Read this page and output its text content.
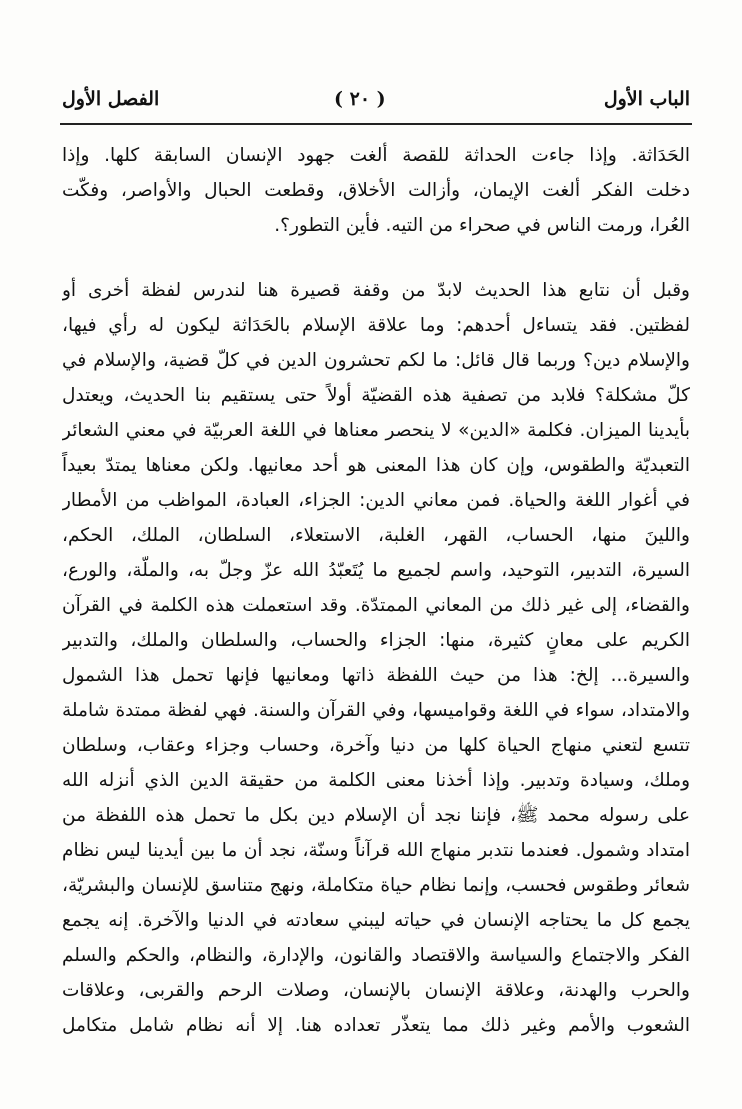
الباب الأول
( ٢٠ )
الفصل الأول
الحَدَاثة. وإذا جاءت الحداثة للقصة ألغت جهود الإنسان السابقة كلها. وإذا
دخلت الفكر ألغت الإيمان، وأزالت الأخلاق، وقطعت الحبال والأواصر، وفكّت
العُرا، ورمت الناس في صحراء من التيه. فأين التطور؟.
وقبل أن نتابع هذا الحديث لابدّ من وقفة قصيرة هنا لندرس لفظة أخرى أو
لفظتين. فقد يتساءل أحدهم: وما علاقة الإسلام بالحَدَاثة ليكون له رأي فيها،
والإسلام دين؟ وربما قال قائل: ما لكم تحشرون الدين في كلّ قضية، والإسلام في
كلّ مشكلة؟ فلابد من تصفية هذه القضيّة أولاً حتى يستقيم بنا الحديث، ويعتدل
بأيدينا الميزان. فكلمة «الدين» لا ينحصر معناها في اللغة العربيّة في معني الشعائر
التعبديّة والطقوس، وإن كان هذا المعنى هو أحد معانيها. ولكن معناها يمتدّ بعيداً
في أغوار اللغة والحياة. فمن معاني الدين: الجزاء، العبادة، المواظب من الأمطار
واللينَ منها، الحساب، القهر، الغلبة، الاستعلاء، السلطان، الملك، الحكم،
السيرة، التدبير، التوحيد، واسم لجميع ما يُتَعبّدُ الله عزّ وجلّ به، والملّة، والورع،
والقضاء، إلى غير ذلك من المعاني الممتدّة. وقد استعملت هذه الكلمة في القرآن
الكريم على معانٍ كثيرة، منها: الجزاء والحساب، والسلطان والملك، والتدبير
والسيرة... إلخ: هذا من حيث اللفظة ذاتها ومعانيها فإنها تحمل هذا الشمول
والامتداد، سواء في اللغة وقواميسها، وفي القرآن والسنة. فهي لفظة ممتدة شاملة
تتسع لتعني منهاج الحياة كلها من دنيا وآخرة، وحساب وجزاء وعقاب، وسلطان
وملك، وسيادة وتدبير. وإذا أخذنا معنى الكلمة من حقيقة الدين الذي أنزله الله
على رسوله محمد ﷺ، فإننا نجد أن الإسلام دين بكل ما تحمل هذه اللفظة من
امتداد وشمول. فعندما نتدبر منهاج الله قرآناً وسنّة، نجد أن ما بين أيدينا ليس نظام
شعائر وطقوس فحسب، وإنما نظام حياة متكاملة، ونهج متناسق للإنسان والبشريّة،
يجمع كل ما يحتاجه الإنسان في حياته ليبني سعادته في الدنيا والآخرة. إنه يجمع
الفكر والاجتماع والسياسة والاقتصاد والقانون، والإدارة، والنظام، والحكم والسلم
والحرب والهدنة، وعلاقة الإنسان بالإنسان، وصلات الرحم والقربى، وعلاقات
الشعوب والأمم وغير ذلك مما يتعذّر تعداده هنا. إلا أنه نظام شامل متكامل
